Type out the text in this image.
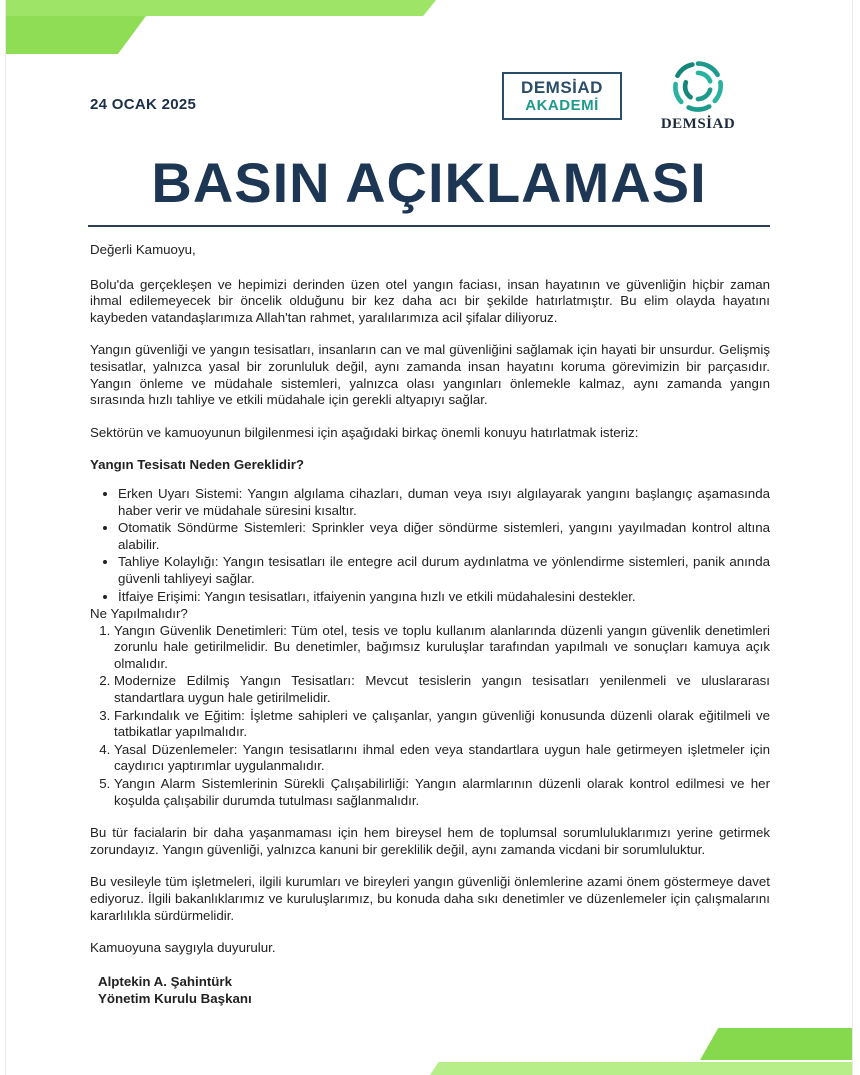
24 OCAK 2025
DEMSİAD
AKADEMİ
DEMSİAD
BASIN AÇIKLAMASI

Değerli Kamuoyu,

Bolu'da gerçekleşen ve hepimizi derinden üzen otel yangın faciası, insan hayatının ve güvenliğin hiçbir zaman ihmal edilemeyecek bir öncelik olduğunu bir kez daha acı bir şekilde hatırlatmıştır. Bu elim olayda hayatını kaybeden vatandaşlarımıza Allah'tan rahmet, yaralılarımıza acil şifalar diliyoruz.

Yangın güvenliği ve yangın tesisatları, insanların can ve mal güvenliğini sağlamak için hayati bir unsurdur. Gelişmiş tesisatlar, yalnızca yasal bir zorunluluk değil, aynı zamanda insan hayatını koruma görevimizin bir parçasıdır. Yangın önleme ve müdahale sistemleri, yalnızca olası yangınları önlemekle kalmaz, aynı zamanda yangın sırasında hızlı tahliye ve etkili müdahale için gerekli altyapıyı sağlar.

Sektörün ve kamuoyunun bilgilenmesi için aşağıdaki birkaç önemli konuyu hatırlatmak isteriz:

Yangın Tesisatı Neden Gereklidir?

• Erken Uyarı Sistemi: Yangın algılama cihazları, duman veya ısıyı algılayarak yangını başlangıç aşamasında haber verir ve müdahale süresini kısaltır.
• Otomatik Söndürme Sistemleri: Sprinkler veya diğer söndürme sistemleri, yangını yayılmadan kontrol altına alabilir.
• Tahliye Kolaylığı: Yangın tesisatları ile entegre acil durum aydınlatma ve yönlendirme sistemleri, panik anında güvenli tahliyeyi sağlar.
• İtfaiye Erişimi: Yangın tesisatları, itfaiyenin yangına hızlı ve etkili müdahalesini destekler.

Ne Yapılmalıdır?

1. Yangın Güvenlik Denetimleri: Tüm otel, tesis ve toplu kullanım alanlarında düzenli yangın güvenlik denetimleri zorunlu hale getirilmelidir. Bu denetimler, bağımsız kuruluşlar tarafından yapılmalı ve sonuçları kamuya açık olmalıdır.
2. Modernize Edilmiş Yangın Tesisatları: Mevcut tesislerin yangın tesisatları yenilenmeli ve uluslararası standartlara uygun hale getirilmelidir.
3. Farkındalık ve Eğitim: İşletme sahipleri ve çalışanlar, yangın güvenliği konusunda düzenli olarak eğitilmeli ve tatbikatlar yapılmalıdır.
4. Yasal Düzenlemeler: Yangın tesisatlarını ihmal eden veya standartlara uygun hale getirmeyen işletmeler için caydırıcı yaptırımlar uygulanmalıdır.
5. Yangın Alarm Sistemlerinin Sürekli Çalışabilirliği: Yangın alarmlarının düzenli olarak kontrol edilmesi ve her koşulda çalışabilir durumda tutulması sağlanmalıdır.

Bu tür facialarin bir daha yaşanmaması için hem bireysel hem de toplumsal sorumluluklarımızı yerine getirmek zorundayız. Yangın güvenliği, yalnızca kanuni bir gereklilik değil, aynı zamanda vicdani bir sorumluluktur.

Bu vesileyle tüm işletmeleri, ilgili kurumları ve bireyleri yangın güvenliği önlemlerine azami önem göstermeye davet ediyoruz. İlgili bakanlıklarımız ve kuruluşlarımız, bu konuda daha sıkı denetimler ve düzenlemeler için çalışmalarını kararlılıkla sürdürmelidir.

Kamuoyuna saygıyla duyurulur.

Alptekin A. Şahintürk
Yönetim Kurulu Başkanı
